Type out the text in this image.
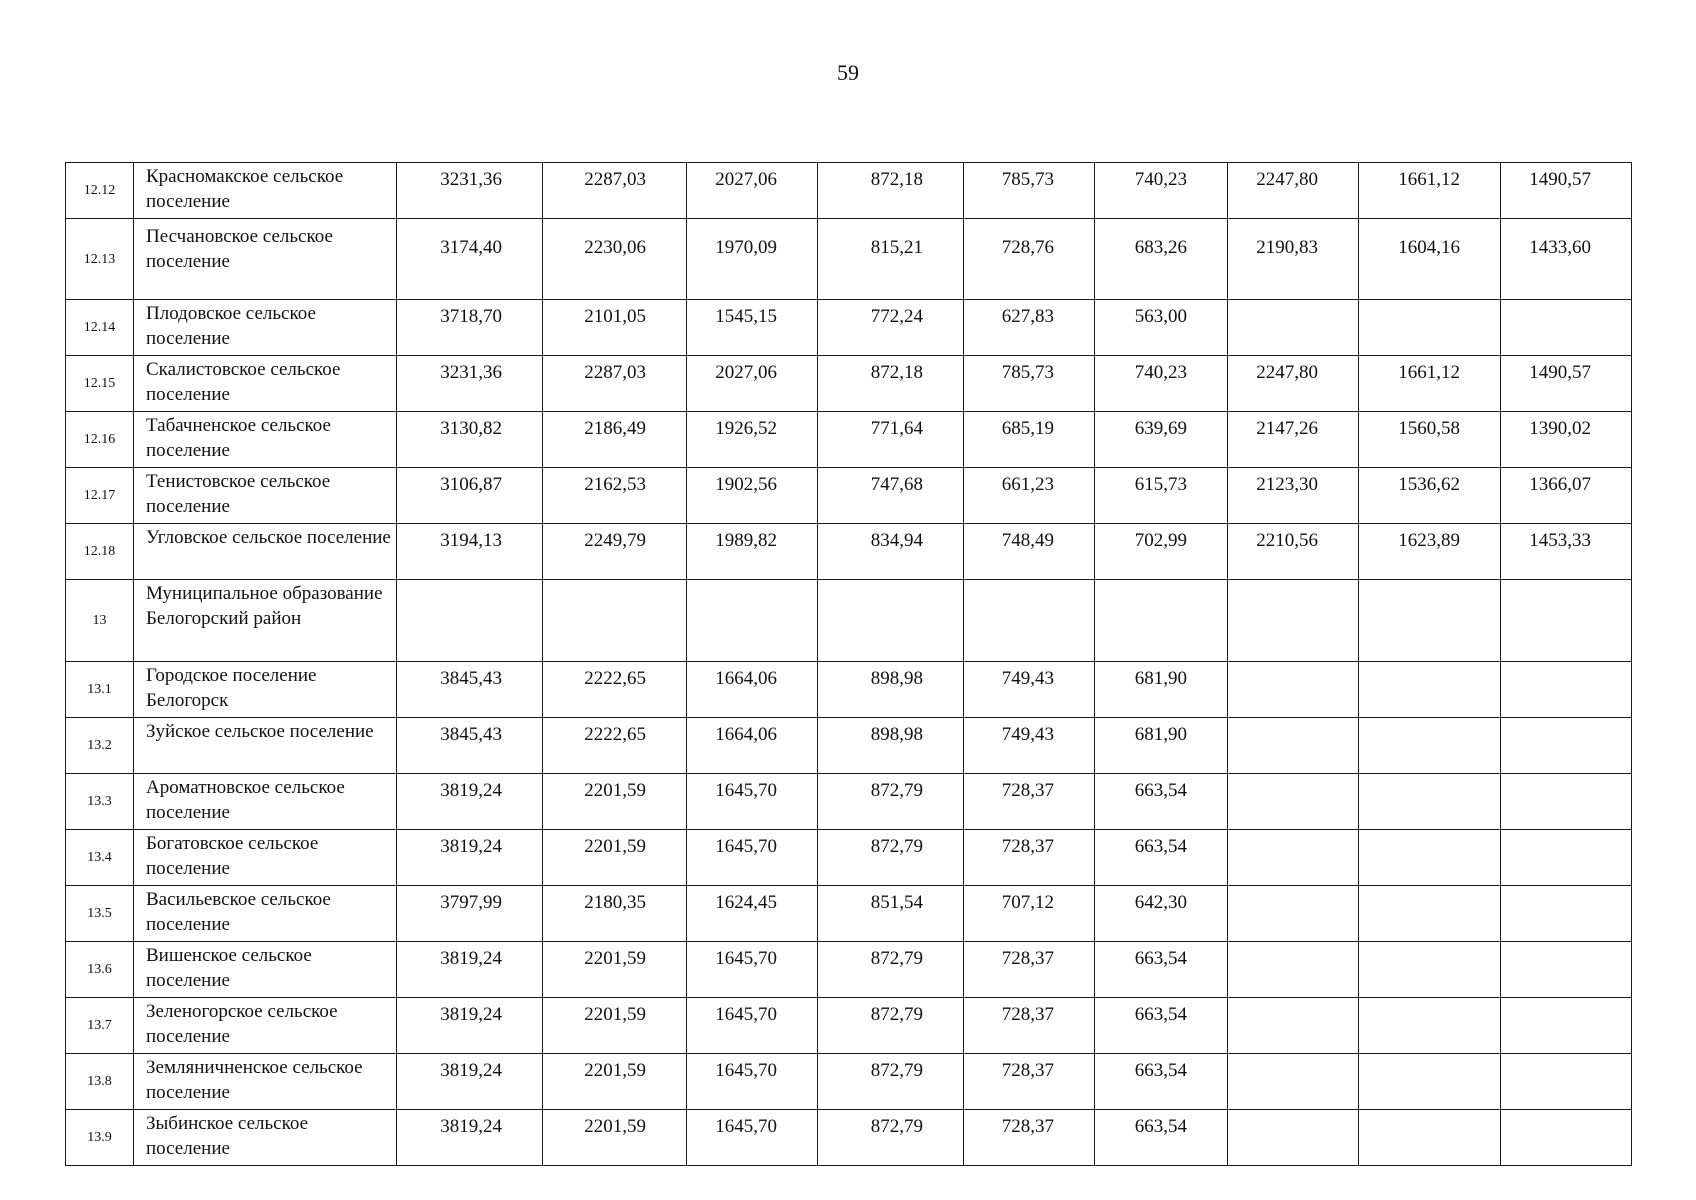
59
12.12	Красномакское сельское поселение	3231,36	2287,03	2027,06	872,18	785,73	740,23	2247,80	1661,12	1490,57
12.13	Песчановское сельское поселение	3174,40	2230,06	1970,09	815,21	728,76	683,26	2190,83	1604,16	1433,60
12.14	Плодовское сельское поселение	3718,70	2101,05	1545,15	772,24	627,83	563,00			
12.15	Скалистовское сельское поселение	3231,36	2287,03	2027,06	872,18	785,73	740,23	2247,80	1661,12	1490,57
12.16	Табачненское сельское поселение	3130,82	2186,49	1926,52	771,64	685,19	639,69	2147,26	1560,58	1390,02
12.17	Тенистовское сельское поселение	3106,87	2162,53	1902,56	747,68	661,23	615,73	2123,30	1536,62	1366,07
12.18	Угловское сельское поселение	3194,13	2249,79	1989,82	834,94	748,49	702,99	2210,56	1623,89	1453,33
13	Муниципальное образование Белогорский район									
13.1	Городское поселение Белогорск	3845,43	2222,65	1664,06	898,98	749,43	681,90			
13.2	Зуйское сельское поселение	3845,43	2222,65	1664,06	898,98	749,43	681,90			
13.3	Ароматновское сельское поселение	3819,24	2201,59	1645,70	872,79	728,37	663,54			
13.4	Богатовское сельское поселение	3819,24	2201,59	1645,70	872,79	728,37	663,54			
13.5	Васильевское сельское поселение	3797,99	2180,35	1624,45	851,54	707,12	642,30			
13.6	Вишенское сельское поселение	3819,24	2201,59	1645,70	872,79	728,37	663,54			
13.7	Зеленогорское сельское поселение	3819,24	2201,59	1645,70	872,79	728,37	663,54			
13.8	Земляничненское сельское поселение	3819,24	2201,59	1645,70	872,79	728,37	663,54			
13.9	Зыбинское сельское поселение	3819,24	2201,59	1645,70	872,79	728,37	663,54			
